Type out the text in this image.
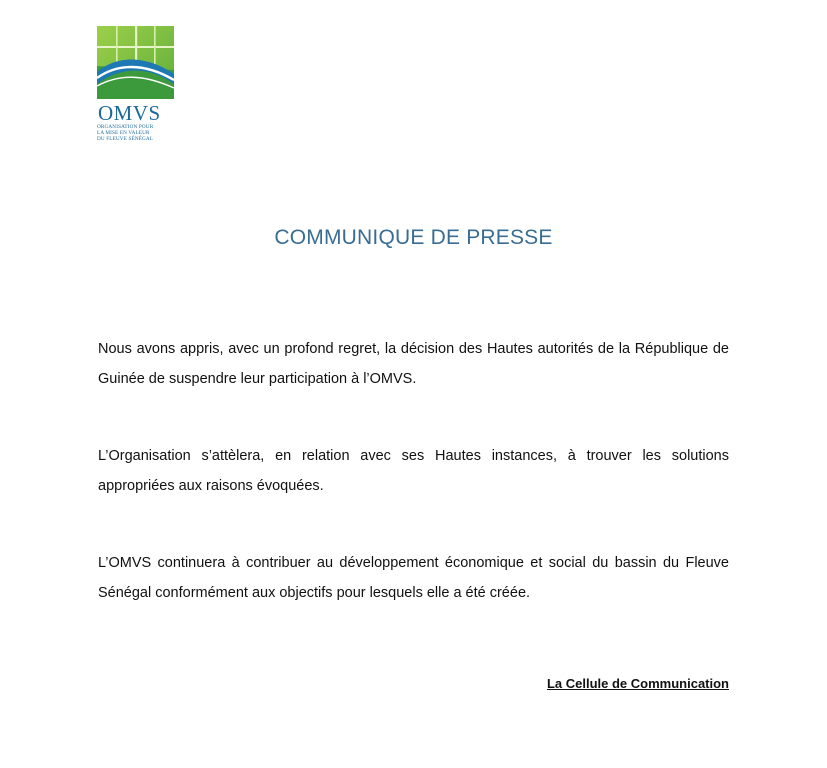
OMVS
ORGANISATION POUR
LA MISE EN VALEUR
DU FLEUVE SÉNÉGAL
COMMUNIQUE DE PRESSE
Nous avons appris, avec un profond regret, la décision des Hautes autorités de la République de Guinée de suspendre leur participation à l’OMVS.
L’Organisation s’attèlera, en relation avec ses Hautes instances, à trouver les solutions appropriées aux raisons évoquées.
L’OMVS continuera à contribuer au développement économique et social du bassin du Fleuve Sénégal conformément aux objectifs pour lesquels elle a été créée.
La Cellule de Communication
